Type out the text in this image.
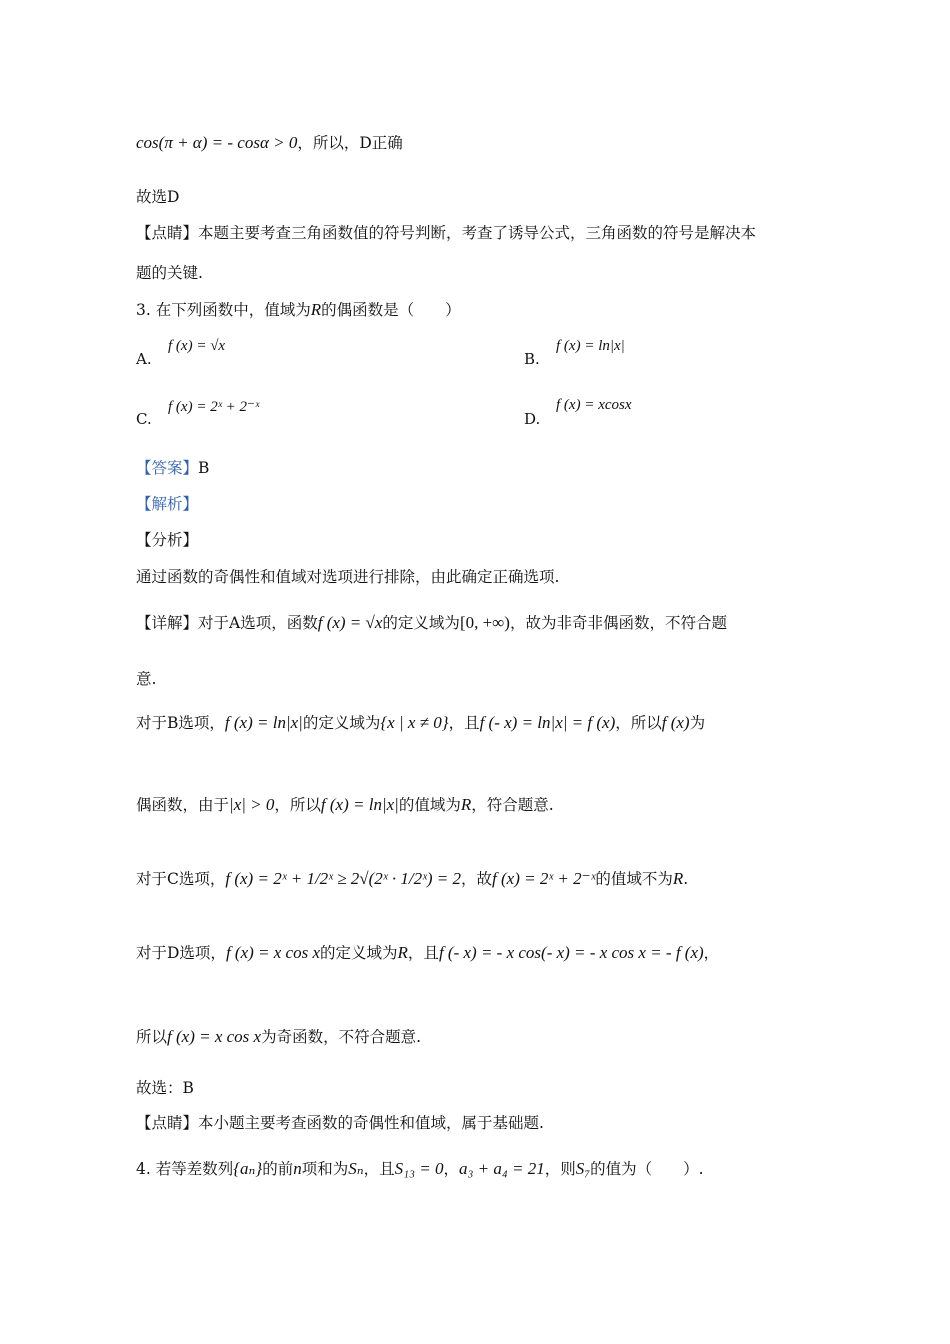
cos(π + α) = - cosα > 0，所以，D正确
故选D
【点睛】本题主要考查三角函数值的符号判断，考查了诱导公式，三角函数的符号是解决本
题的关键.
3. 在下列函数中，值域为R的偶函数是（　　）
A.
f (x) = √x
B.
f (x) = ln|x|
C.
f (x) = 2ˣ + 2⁻ˣ
D.
f (x) = xcosx
【答案】B
【解析】
【分析】
通过函数的奇偶性和值域对选项进行排除，由此确定正确选项.
【详解】对于A选项，函数f (x) = √x的定义域为[0, +∞)，故为非奇非偶函数，不符合题
意.
对于B选项，f (x) = ln|x|的定义域为{x | x ≠ 0}，且f (- x) = ln|x| = f (x)，所以f (x)为
偶函数，由于|x| > 0，所以f (x) = ln|x|的值域为R，符合题意.
对于C选项，f (x) = 2ˣ + 1/2ˣ ≥ 2√(2ˣ · 1/2ˣ) = 2，故f (x) = 2ˣ + 2⁻ˣ的值域不为R.
对于D选项，f (x) = x cos x的定义域为R，且f (- x) = - x cos(- x) = - x cos x = - f (x)，
所以f (x) = x cos x为奇函数，不符合题意.
故选：B
【点睛】本小题主要考查函数的奇偶性和值域，属于基础题.
4. 若等差数列{aₙ}的前n项和为Sₙ，且S₁₃ = 0，a₃ + a₄ = 21，则S₇的值为（　　）.
